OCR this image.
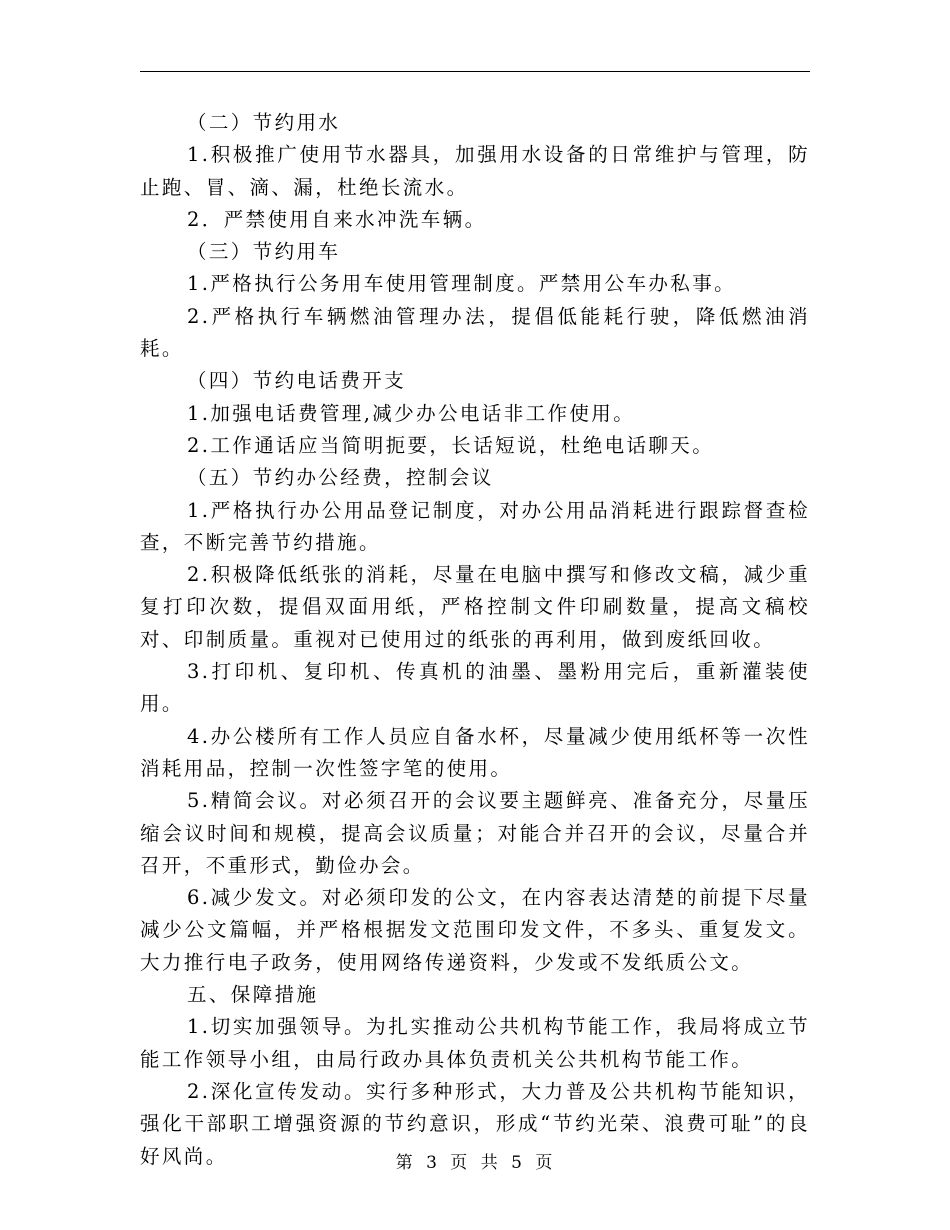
（二）节约用水

1.积极推广使用节水器具，加强用水设备的日常维护与管理，防止跑、冒、滴、漏，杜绝长流水。

2．严禁使用自来水冲洗车辆。

（三）节约用车

1.严格执行公务用车使用管理制度。严禁用公车办私事。

2.严格执行车辆燃油管理办法，提倡低能耗行驶，降低燃油消耗。

（四）节约电话费开支

1.加强电话费管理,减少办公电话非工作使用。

2.工作通话应当简明扼要，长话短说，杜绝电话聊天。

（五）节约办公经费，控制会议

1.严格执行办公用品登记制度，对办公用品消耗进行跟踪督查检查，不断完善节约措施。

2.积极降低纸张的消耗，尽量在电脑中撰写和修改文稿，减少重复打印次数，提倡双面用纸，严格控制文件印刷数量，提高文稿校对、印制质量。重视对已使用过的纸张的再利用，做到废纸回收。

3.打印机、复印机、传真机的油墨、墨粉用完后，重新灌装使用。

4.办公楼所有工作人员应自备水杯，尽量减少使用纸杯等一次性消耗用品，控制一次性签字笔的使用。

5.精简会议。对必须召开的会议要主题鲜亮、准备充分，尽量压缩会议时间和规模，提高会议质量；对能合并召开的会议，尽量合并召开，不重形式，勤俭办会。

6.减少发文。对必须印发的公文，在内容表达清楚的前提下尽量减少公文篇幅，并严格根据发文范围印发文件，不多头、重复发文。大力推行电子政务，使用网络传递资料，少发或不发纸质公文。

五、保障措施

1.切实加强领导。为扎实推动公共机构节能工作，我局将成立节能工作领导小组，由局行政办具体负责机关公共机构节能工作。

2.深化宣传发动。实行多种形式，大力普及公共机构节能知识，强化干部职工增强资源的节约意识，形成“节约光荣、浪费可耻”的良好风尚。	第 3 页 共 5 页
